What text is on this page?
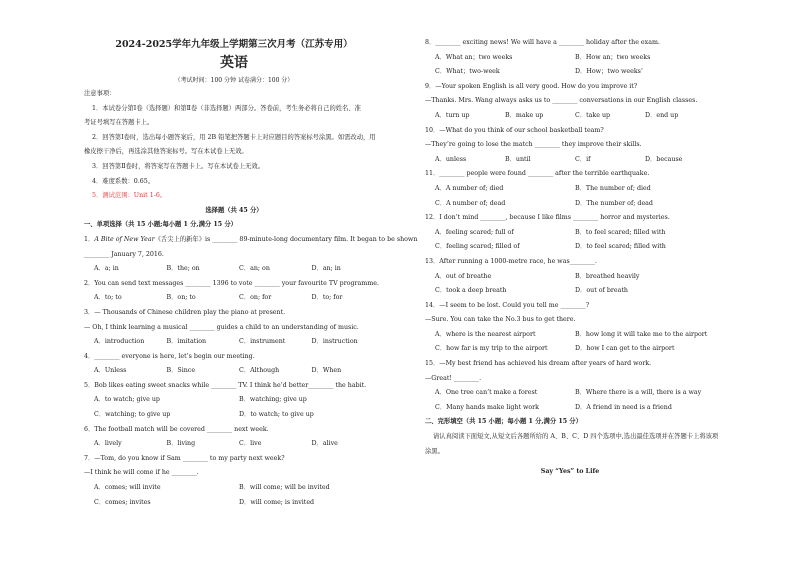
2024-2025学年九年级上学期第三次月考（江苏专用）
英语
（考试时间：100 分钟 试卷满分：100 分）
注意事项：
1．本试卷分第Ⅰ卷（选择题）和第Ⅱ卷（非选择题）两部分。答卷前，考生务必将自己的姓名、准
考证号填写在答题卡上。
2．回答第Ⅰ卷时，选出每小题答案后，用 2B 铅笔把答题卡上对应题目的答案标号涂黑。如需改动，用
橡皮擦干净后，再选涂其他答案标号。写在本试卷上无效。
3．回答第Ⅱ卷时，将答案写在答题卡上。写在本试卷上无效。
4．难度系数：0.65。
5．测试范围：Unit 1-6。
选择题（共 45 分）
一、单项选择（共 15 小题;每小题 1 分,满分 15 分）
1．A Bite of New Year《舌尖上的新年》is ________ 89-minute-long documentary film. It began to be shown
________ January 7, 2016.
A．a; in	B．the; on	C．an; on	D．an; in
2．You can send text messages ________ 1396 to vote ________ your favourite TV programme.
A．to; to	B．on; to	C．on; for	D．to; for
3．— Thousands of Chinese children play the piano at present.
— Oh, I think learning a musical ________ guides a child to an understanding of music.
A．introduction	B．imitation	C．instrument	D．instruction
4．________ everyone is here, let’s begin our meeting.
A．Unless	B．Since	C．Although	D．When
5．Bob likes eating sweet snacks while ________ TV. I think he’d better________ the habit.
A．to watch; give up	B．watching; give up
C．watching; to give up	D．to watch; to give up
6．The football match will be covered ________ next week.
A．lively	B．living	C．live	D．alive
7．—Tom, do you know if Sam ________ to my party next week?
—I think he will come if he ________.
A．comes; will invite	B．will come; will be invited
C．comes; invites	D．will come; is invited
8．________ exciting news! We will have a ________ holiday after the exam.
A．What an；two weeks	B．How an；two weeks
C．What；two-week	D．How；two weeks’
9．—Your spoken English is all very good. How do you improve it?
—Thanks. Mrs. Wang always asks us to ________ conversations in our English classes.
A．turn up	B．make up	C．take up	D．end up
10．—What do you think of our school basketball team?
—They’re going to lose the match ________ they improve their skills.
A．unless	B．until	C．if	D．because
11．________ people were found ________ after the terrible earthquake.
A．A number of; died	B．The number of; died
C．A number of; dead	D．The number of; dead
12．I don’t mind ________, because I like films ________ horror and mysteries.
A．feeling scared; full of	B．to feel scared; filled with
C．feeling scared; filled of	D．to feel scared; filled with
13．After running a 1000-metre race, he was________.
A．out of breathe	B．breathed heavily
C．took a deep breath	D．out of breath
14．—I seem to be lost. Could you tell me ________?
—Sure. You can take the No.3 bus to get there.
A．where is the nearest airport	B．how long it will take me to the airport
C．how far is my trip to the airport	D．how I can get to the airport
15．—My best friend has achieved his dream after years of hard work.
—Great! ________.
A．One tree can’t make a forest	B．Where there is a will, there is a way
C．Many hands make light work	D．A friend in need is a friend
二、完形填空（共 15 小题；每小题 1 分,满分 15 分）
请认真阅读下面短文,从短文后各题所给的 A、B、C、D 四个选项中,选出最佳选项并在答题卡上将该项
涂黑。
Say “Yes” to Life
